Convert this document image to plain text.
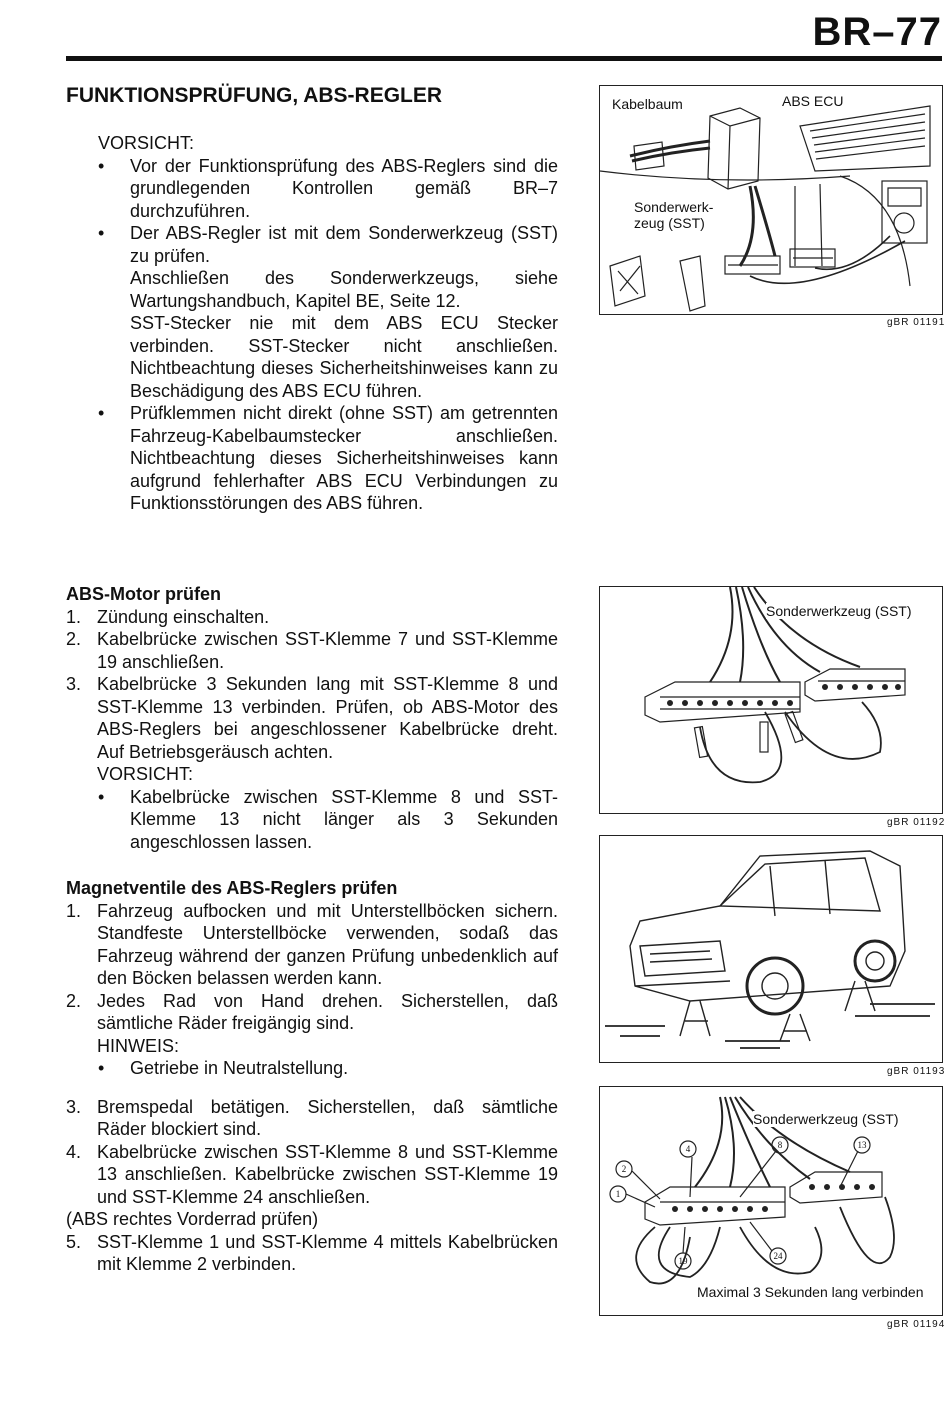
BR–77
FUNKTIONSPRÜFUNG, ABS-REGLER
VORSICHT:
• Vor der Funktionsprüfung des ABS-Reglers sind die grundlegenden Kontrollen gemäß BR–7 durchzuführen.
• Der ABS-Regler ist mit dem Sonderwerkzeug (SST) zu prüfen.
Anschließen des Sonderwerkzeugs, siehe Wartungshandbuch, Kapitel BE, Seite 12.
SST-Stecker nie mit dem ABS ECU Stecker verbinden. SST-Stecker nicht anschließen. Nichtbeachtung dieses Sicherheitshinweises kann zu Beschädigung des ABS ECU führen.
• Prüfklemmen nicht direkt (ohne SST) am getrennten Fahrzeug-Kabelbaumstecker anschließen. Nichtbeachtung dieses Sicherheitshinweises kann aufgrund fehlerhafter ABS ECU Verbindungen zu Funktionsstörungen des ABS führen.
ABS-Motor prüfen
1. Zündung einschalten.
2. Kabelbrücke zwischen SST-Klemme 7 und SST-Klemme 19 anschließen.
3. Kabelbrücke 3 Sekunden lang mit SST-Klemme 8 und SST-Klemme 13 verbinden. Prüfen, ob ABS-Motor des ABS-Reglers bei angeschlossener Kabelbrücke dreht. Auf Betriebsgeräusch achten.
VORSICHT:
• Kabelbrücke zwischen SST-Klemme 8 und SST-Klemme 13 nicht länger als 3 Sekunden angeschlossen lassen.
Magnetventile des ABS-Reglers prüfen
1. Fahrzeug aufbocken und mit Unterstellböcken sichern. Standfeste Unterstellböcke verwenden, sodaß das Fahrzeug während der ganzen Prüfung unbedenklich auf den Böcken belassen werden kann.
2. Jedes Rad von Hand drehen. Sicherstellen, daß sämtliche Räder freigängig sind.
HINWEIS:
• Getriebe in Neutralstellung.
3. Bremspedal betätigen. Sicherstellen, daß sämtliche Räder blockiert sind.
4. Kabelbrücke zwischen SST-Klemme 8 und SST-Klemme 13 anschließen. Kabelbrücke zwischen SST-Klemme 19 und SST-Klemme 24 anschließen.
(ABS rechtes Vorderrad prüfen)
5. SST-Klemme 1 und SST-Klemme 4 mittels Kabelbrücken mit Klemme 2 verbinden.
Kabelbaum	ABS ECU
Sonderwerk-
zeug (SST)
gBR 01191
Sonderwerkzeug (SST)
gBR 01192
gBR 01193
1
2
4	8	13
19	24
Sonderwerkzeug (SST)
Maximal 3 Sekunden lang verbinden
gBR 01194
